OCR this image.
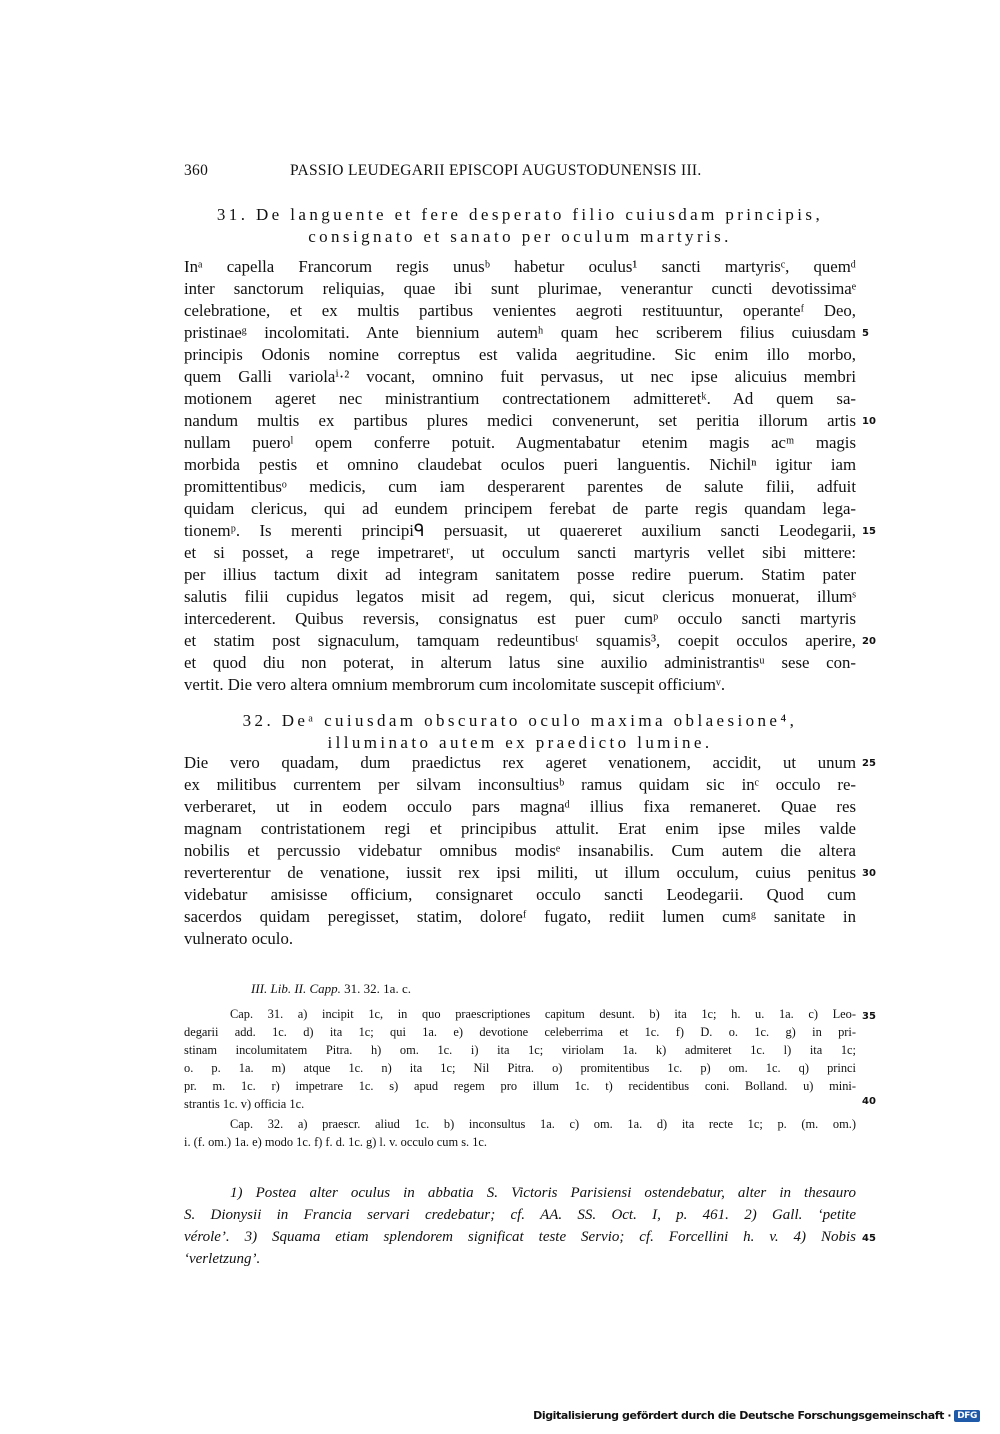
360	PASSIO LEUDEGARII EPISCOPI AUGUSTODUNENSIS III.
31. De languente et fere desperato filio cuiusdam principis,
consignato et sanato per oculum martyris.
Inᵃ capella Francorum regis unusᵇ habetur oculus¹ sancti martyrisᶜ, quemᵈ
inter sanctorum reliquias, quae ibi sunt plurimae, venerantur cuncti devotissimaᵉ
celebratione, et ex multis partibus venientes aegroti restituuntur, operanteᶠ Deo,
pristinaeᵍ incolomitati. Ante biennium autemʰ quam hec scriberem filius cuiusdam
principis Odonis nomine correptus est valida aegritudine. Sic enim illo morbo,
quem Galli variolaⁱ·² vocant, omnino fuit pervasus, ut nec ipse alicuius membri
motionem ageret nec ministrantium contrectationem admitteretᵏ. Ad quem sa-
nandum multis ex partibus plures medici convenerunt, set peritia illorum artis
nullam pueroˡ opem conferre potuit. Augmentabatur etenim magis acᵐ magis
morbida pestis et omnino claudebat oculos pueri languentis. Nichilⁿ igitur iam
promittentibusᵒ medicis, cum iam desperarent parentes de salute filii, adfuit
quidam clericus, qui ad eundem principem ferebat de parte regis quandam lega-
tionemᵖ. Is merenti principiᑫ persuasit, ut quaereret auxilium sancti Leodegarii,
et si posset, a rege impetraretʳ, ut occulum sancti martyris vellet sibi mittere:
per illius tactum dixit ad integram sanitatem posse redire puerum. Statim pater
salutis filii cupidus legatos misit ad regem, qui, sicut clericus monuerat, illumˢ
intercederent. Quibus reversis, consignatus est puer cumᵖ occulo sancti martyris
et statim post signaculum, tamquam redeuntibusᵗ squamis³, coepit occulos aperire,
et quod diu non poterat, in alterum latus sine auxilio administrantisᵘ sese con-
vertit. Die vero altera omnium membrorum cum incolomitate suscepit officiumᵛ.
32. Deᵃ cuiusdam obscurato oculo maxima oblaesione⁴,
illuminato autem ex praedicto lumine.
Die vero quadam, dum praedictus rex ageret venationem, accidit, ut unum
ex militibus currentem per silvam inconsultiusᵇ ramus quidam sic inᶜ occulo re-
verberaret, ut in eodem occulo pars magnaᵈ illius fixa remaneret. Quae res
magnam contristationem regi et principibus attulit. Erat enim ipse miles valde
nobilis et percussio videbatur omnibus modisᵉ insanabilis. Cum autem die altera
reverterentur de venatione, iussit rex ipsi militi, ut illum occulum, cuius penitus
videbatur amisisse officium, consignaret occulo sancti Leodegarii. Quod cum
sacerdos quidam peregisset, statim, doloreᶠ fugato, rediit lumen cumᵍ sanitate in
vulnerato oculo.
5
10
15
20
25
30
35
40
45
III. Lib. II. Capp. 31. 32. 1a. c.
Cap. 31. a) incipit 1c, in quo praescriptiones capitum desunt. b) ita 1c; h. u. 1a. c) Leo-
degarii add. 1c. d) ita 1c; qui 1a. e) devotione celeberrima et 1c. f) D. o. 1c. g) in pri-
stinam incolumitatem Pitra. h) om. 1c. i) ita 1c; viriolam 1a. k) admiteret 1c. l) ita 1c;
o. p. 1a. m) atque 1c. n) ita 1c; Nil Pitra. o) promitentibus 1c. p) om. 1c. q) princi
pr. m. 1c. r) impetrare 1c. s) apud regem pro illum 1c. t) recidentibus coni. Bolland. u) mini-
strantis 1c. v) officia 1c.
Cap. 32. a) praescr. aliud 1c. b) inconsultus 1a. c) om. 1a. d) ita recte 1c; p. (m. om.)
i. (f. om.) 1a. e) modo 1c. f) f. d. 1c. g) l. v. occulo cum s. 1c.
1) Postea alter oculus in abbatia S. Victoris Parisiensi ostendebatur, alter in thesauro
S. Dionysii in Francia servari credebatur; cf. AA. SS. Oct. I, p. 461. 2) Gall. ‘petite
vérole’. 3) Squama etiam splendorem significat teste Servio; cf. Forcellini h. v. 4) Nobis
‘verletzung’.
Digitalisierung gefördert durch die Deutsche Forschungsgemeinschaft · DFG
